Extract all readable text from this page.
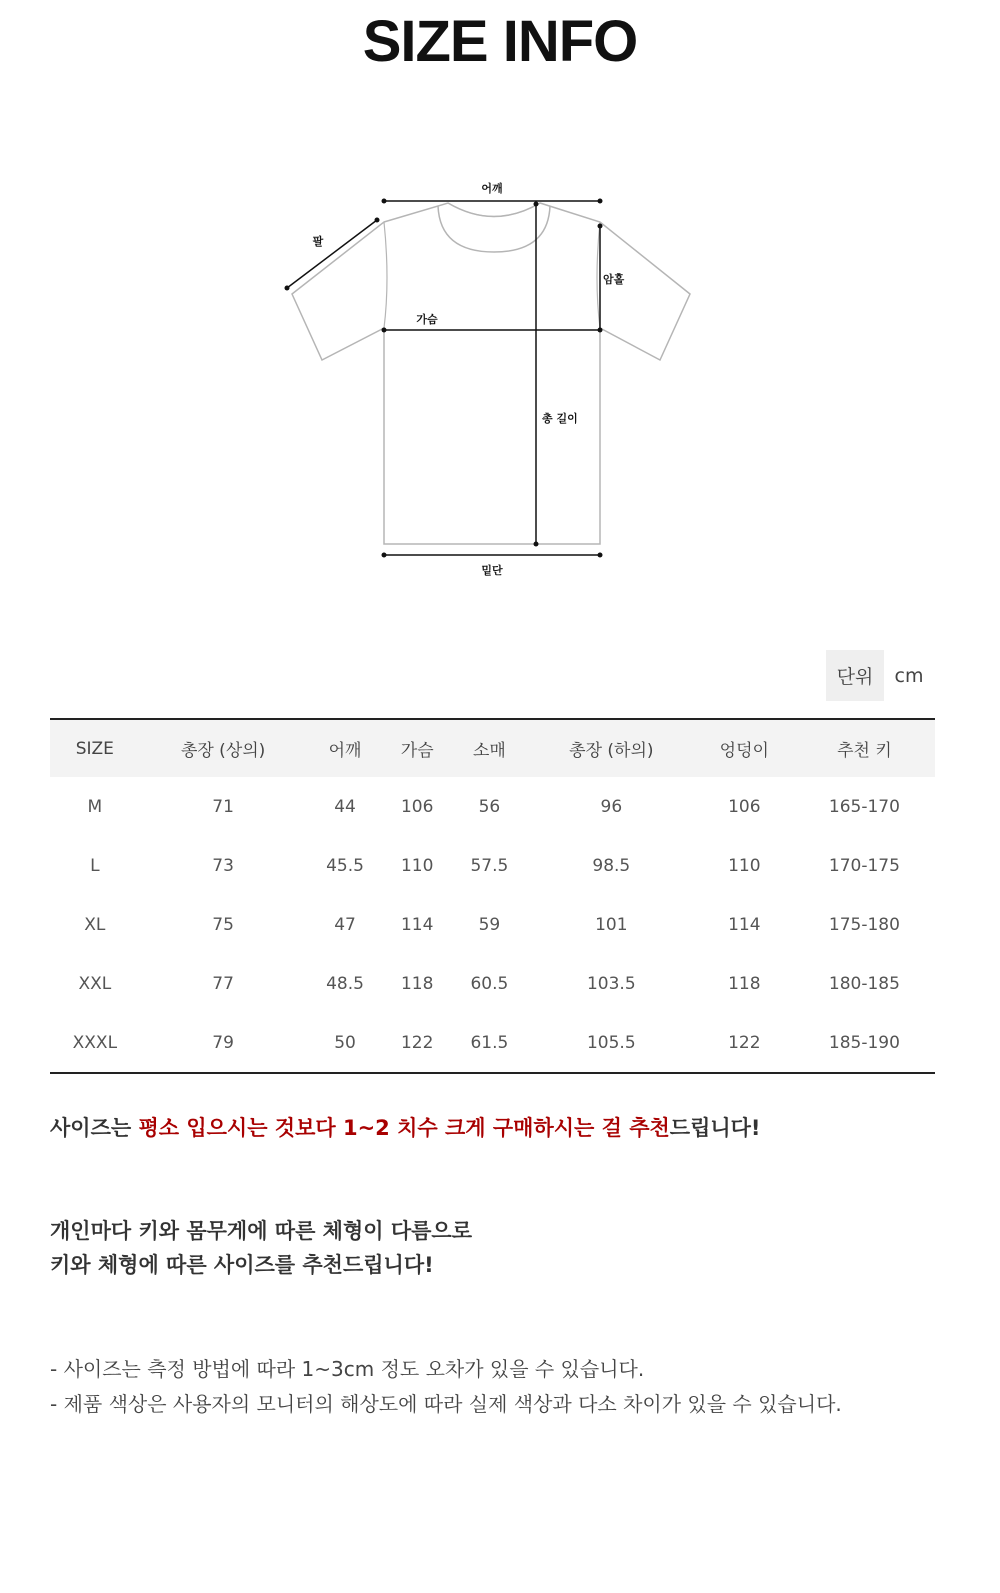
SIZE INFO
어깨
팔
암홀
가슴
총 길이
밑단
단위	cm
SIZE	총장 (상의)	어깨	가슴	소매	총장 (하의)	엉덩이	추천 키
M	71	44	106	56	96	106	165-170
L	73	45.5	110	57.5	98.5	110	170-175
XL	75	47	114	59	101	114	175-180
XXL	77	48.5	118	60.5	103.5	118	180-185
XXXL	79	50	122	61.5	105.5	122	185-190

사이즈는 평소 입으시는 것보다 1~2 치수 크게 구매하시는 걸 추천드립니다!

개인마다 키와 몸무게에 따른 체형이 다름으로
키와 체형에 따른 사이즈를 추천드립니다!

- 사이즈는 측정 방법에 따라 1~3cm 정도 오차가 있을 수 있습니다.

- 제품 색상은 사용자의 모니터의 해상도에 따라 실제 색상과 다소 차이가 있을 수 있습니다.
